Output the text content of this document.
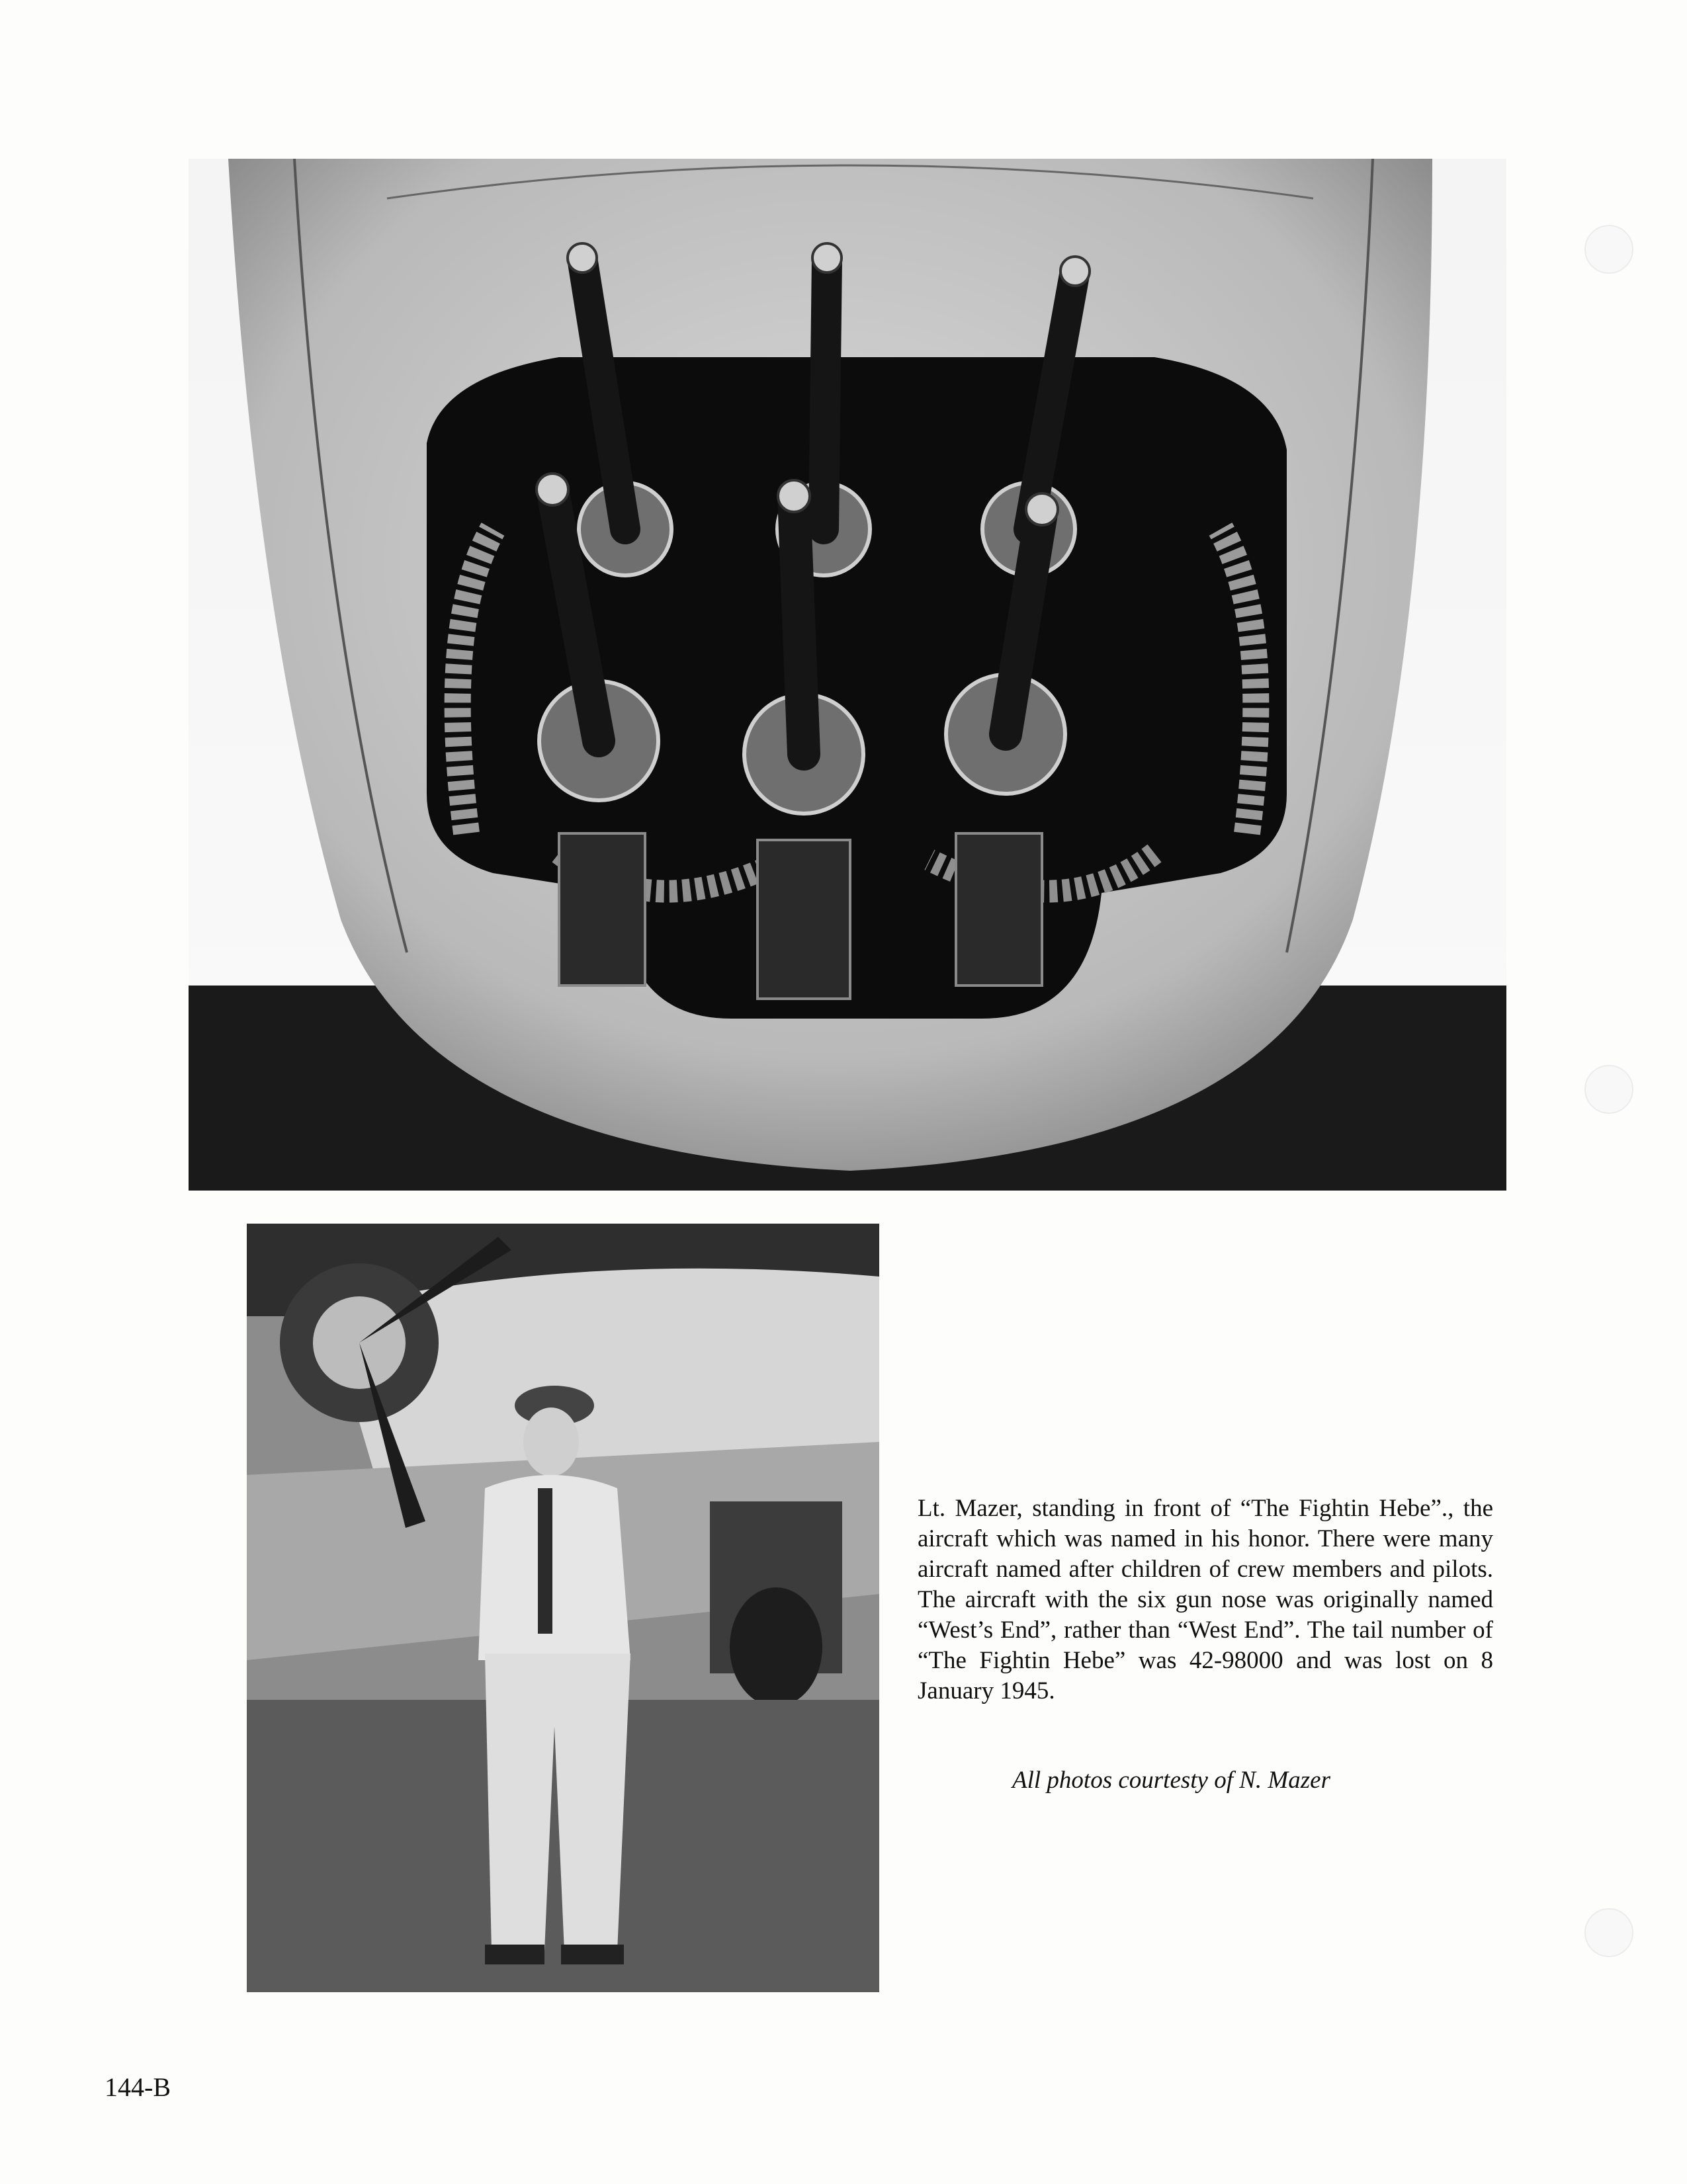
Lt. Mazer, standing in front of “The Fightin Hebe”., the aircraft which was named in his honor. There were many aircraft named after children of crew members and pilots. The aircraft with the six gun nose was originally named “West’s End”, rather than “West End”. The tail number of “The Fightin Hebe” was 42-98000 and was lost on 8 January 1945.

All photos courtesty of N. Mazer
144-B
